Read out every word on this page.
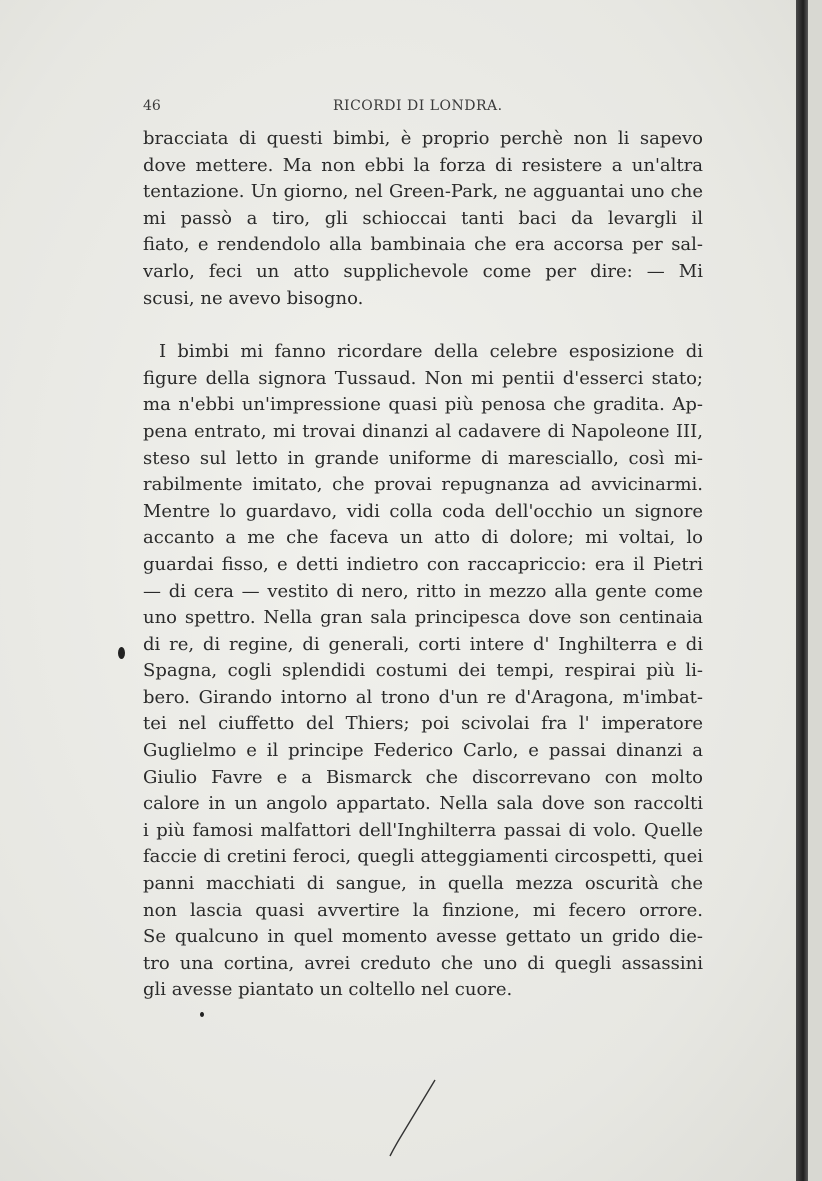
46	RICORDI DI LONDRA.
bracciata di questi bimbi, è proprio perchè non li sapevo
dove mettere. Ma non ebbi la forza di resistere a un'altra
tentazione. Un giorno, nel Green-Park, ne agguantai uno che
mi passò a tiro, gli schioccai tanti baci da levargli il
fiato, e rendendolo alla bambinaia che era accorsa per sal-
varlo, feci un atto supplichevole come per dire: — Mi
scusi, ne avevo bisogno.
I bimbi mi fanno ricordare della celebre esposizione di
figure della signora Tussaud. Non mi pentii d'esserci stato;
ma n'ebbi un'impressione quasi più penosa che gradita. Ap-
pena entrato, mi trovai dinanzi al cadavere di Napoleone III,
steso sul letto in grande uniforme di maresciallo, così mi-
rabilmente imitato, che provai repugnanza ad avvicinarmi.
Mentre lo guardavo, vidi colla coda dell'occhio un signore
accanto a me che faceva un atto di dolore; mi voltai, lo
guardai fisso, e detti indietro con raccapriccio: era il Pietri
— di cera — vestito di nero, ritto in mezzo alla gente come
uno spettro. Nella gran sala principesca dove son centinaia
di re, di regine, di generali, corti intere d' Inghilterra e di
Spagna, cogli splendidi costumi dei tempi, respirai più li-
bero. Girando intorno al trono d'un re d'Aragona, m'imbat-
tei nel ciuffetto del Thiers; poi scivolai fra l' imperatore
Guglielmo e il principe Federico Carlo, e passai dinanzi a
Giulio Favre e a Bismarck che discorrevano con molto
calore in un angolo appartato. Nella sala dove son raccolti
i più famosi malfattori dell'Inghilterra passai di volo. Quelle
faccie di cretini feroci, quegli atteggiamenti circospetti, quei
panni macchiati di sangue, in quella mezza oscurità che
non lascia quasi avvertire la finzione, mi fecero orrore.
Se qualcuno in quel momento avesse gettato un grido die-
tro una cortina, avrei creduto che uno di quegli assassini
gli avesse piantato un coltello nel cuore.
